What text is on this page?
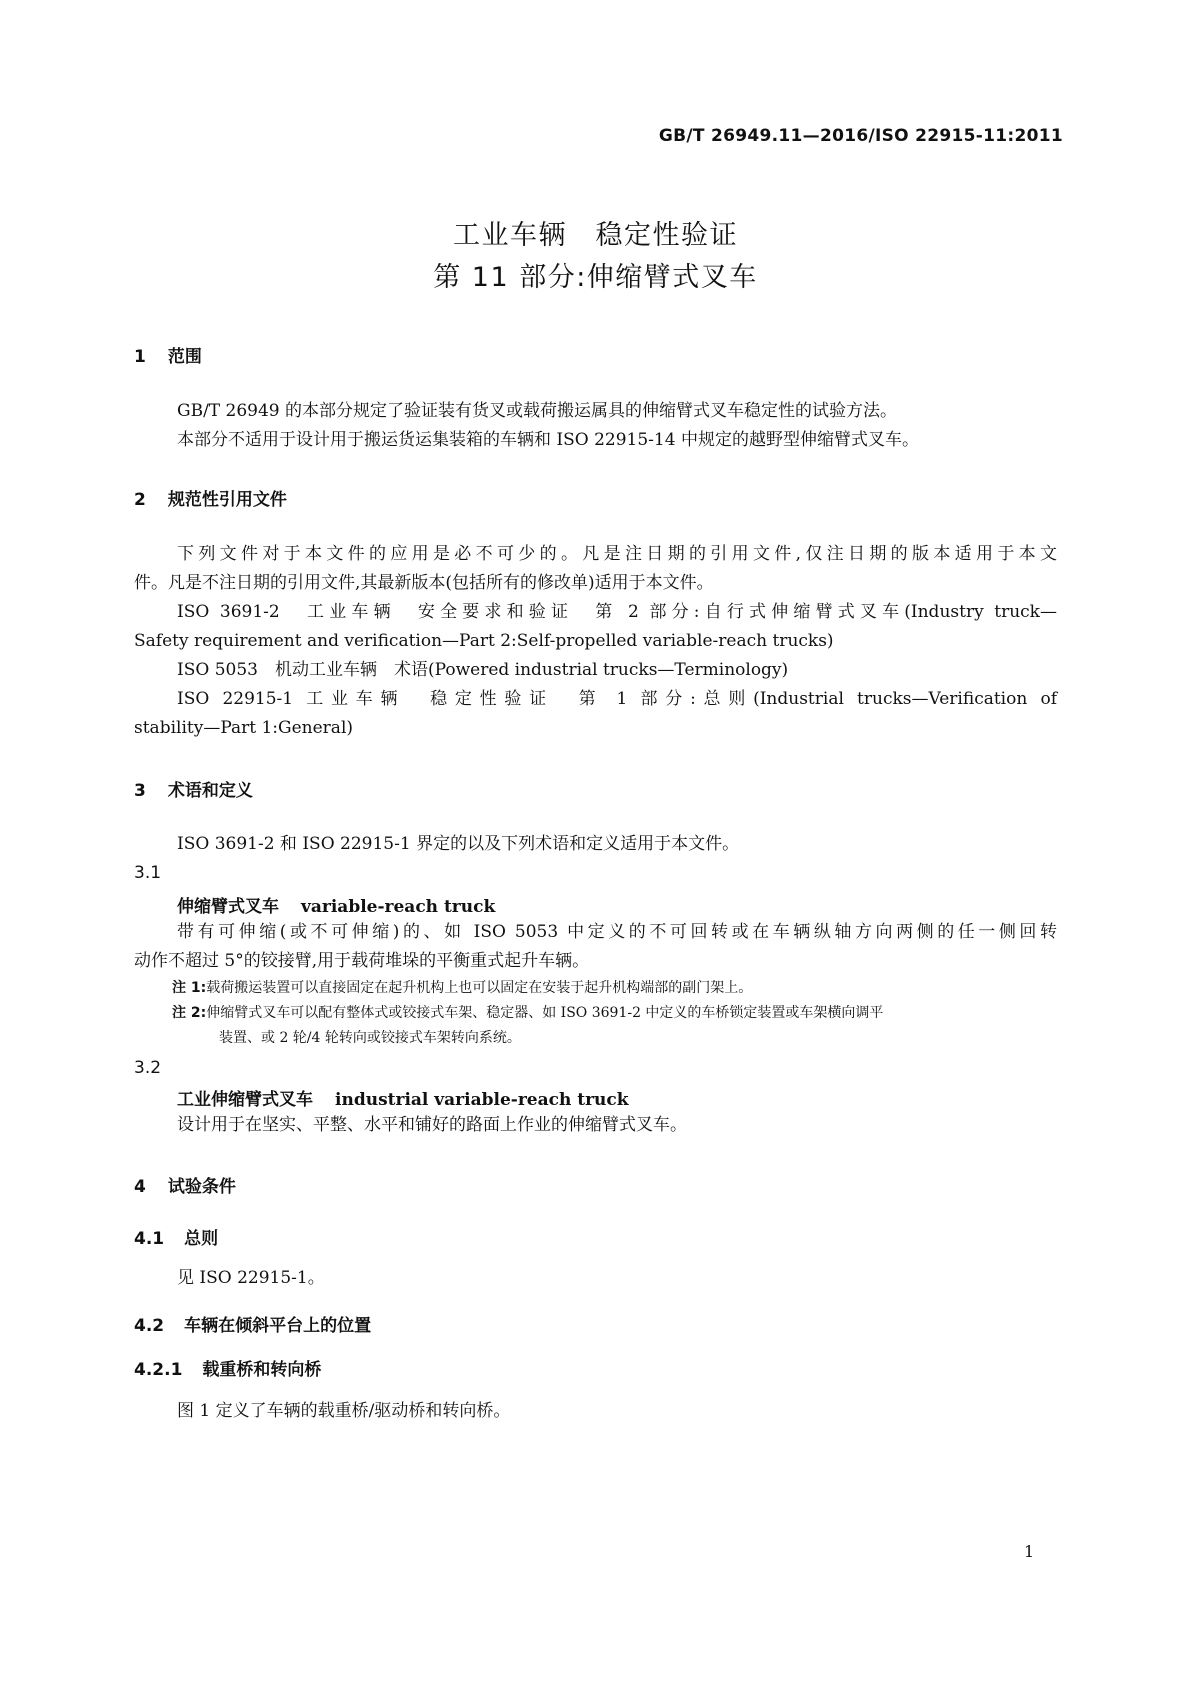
GB/T 26949.11—2016/ISO 22915-11:2011
工业车辆　稳定性验证
第 11 部分:伸缩臂式叉车
1 范围
GB/T 26949 的本部分规定了验证装有货叉或载荷搬运属具的伸缩臂式叉车稳定性的试验方法。
本部分不适用于设计用于搬运货运集装箱的车辆和 ISO 22915-14 中规定的越野型伸缩臂式叉车。
2 规范性引用文件
下列文件对于本文件的应用是必不可少的。凡是注日期的引用文件,仅注日期的版本适用于本文
件。凡是不注日期的引用文件,其最新版本(包括所有的修改单)适用于本文件。
ISO 3691-2　工业车辆　安全要求和验证　第 2 部分:自行式伸缩臂式叉车(Industry truck—
Safety requirement and verification—Part 2:Self-propelled variable-reach trucks)
ISO 5053　机动工业车辆　术语(Powered industrial trucks—Terminology)
ISO 22915-1 工业车辆　稳定性验证　第 1 部分:总则(Industrial trucks—Verification of
stability—Part 1:General)
3 术语和定义
ISO 3691-2 和 ISO 22915-1 界定的以及下列术语和定义适用于本文件。
3.1
伸缩臂式叉车 variable-reach truck
带有可伸缩(或不可伸缩)的、如 ISO 5053 中定义的不可回转或在车辆纵轴方向两侧的任一侧回转
动作不超过 5°的铰接臂,用于载荷堆垛的平衡重式起升车辆。
注 1:载荷搬运装置可以直接固定在起升机构上也可以固定在安装于起升机构端部的副门架上。
注 2:伸缩臂式叉车可以配有整体式或铰接式车架、稳定器、如 ISO 3691-2 中定义的车桥锁定装置或车架横向调平
装置、或 2 轮/4 轮转向或铰接式车架转向系统。
3.2
工业伸缩臂式叉车 industrial variable-reach truck
设计用于在坚实、平整、水平和铺好的路面上作业的伸缩臂式叉车。
4 试验条件
4.1 总则
见 ISO 22915-1。
4.2 车辆在倾斜平台上的位置
4.2.1 载重桥和转向桥
图 1 定义了车辆的载重桥/驱动桥和转向桥。
1
